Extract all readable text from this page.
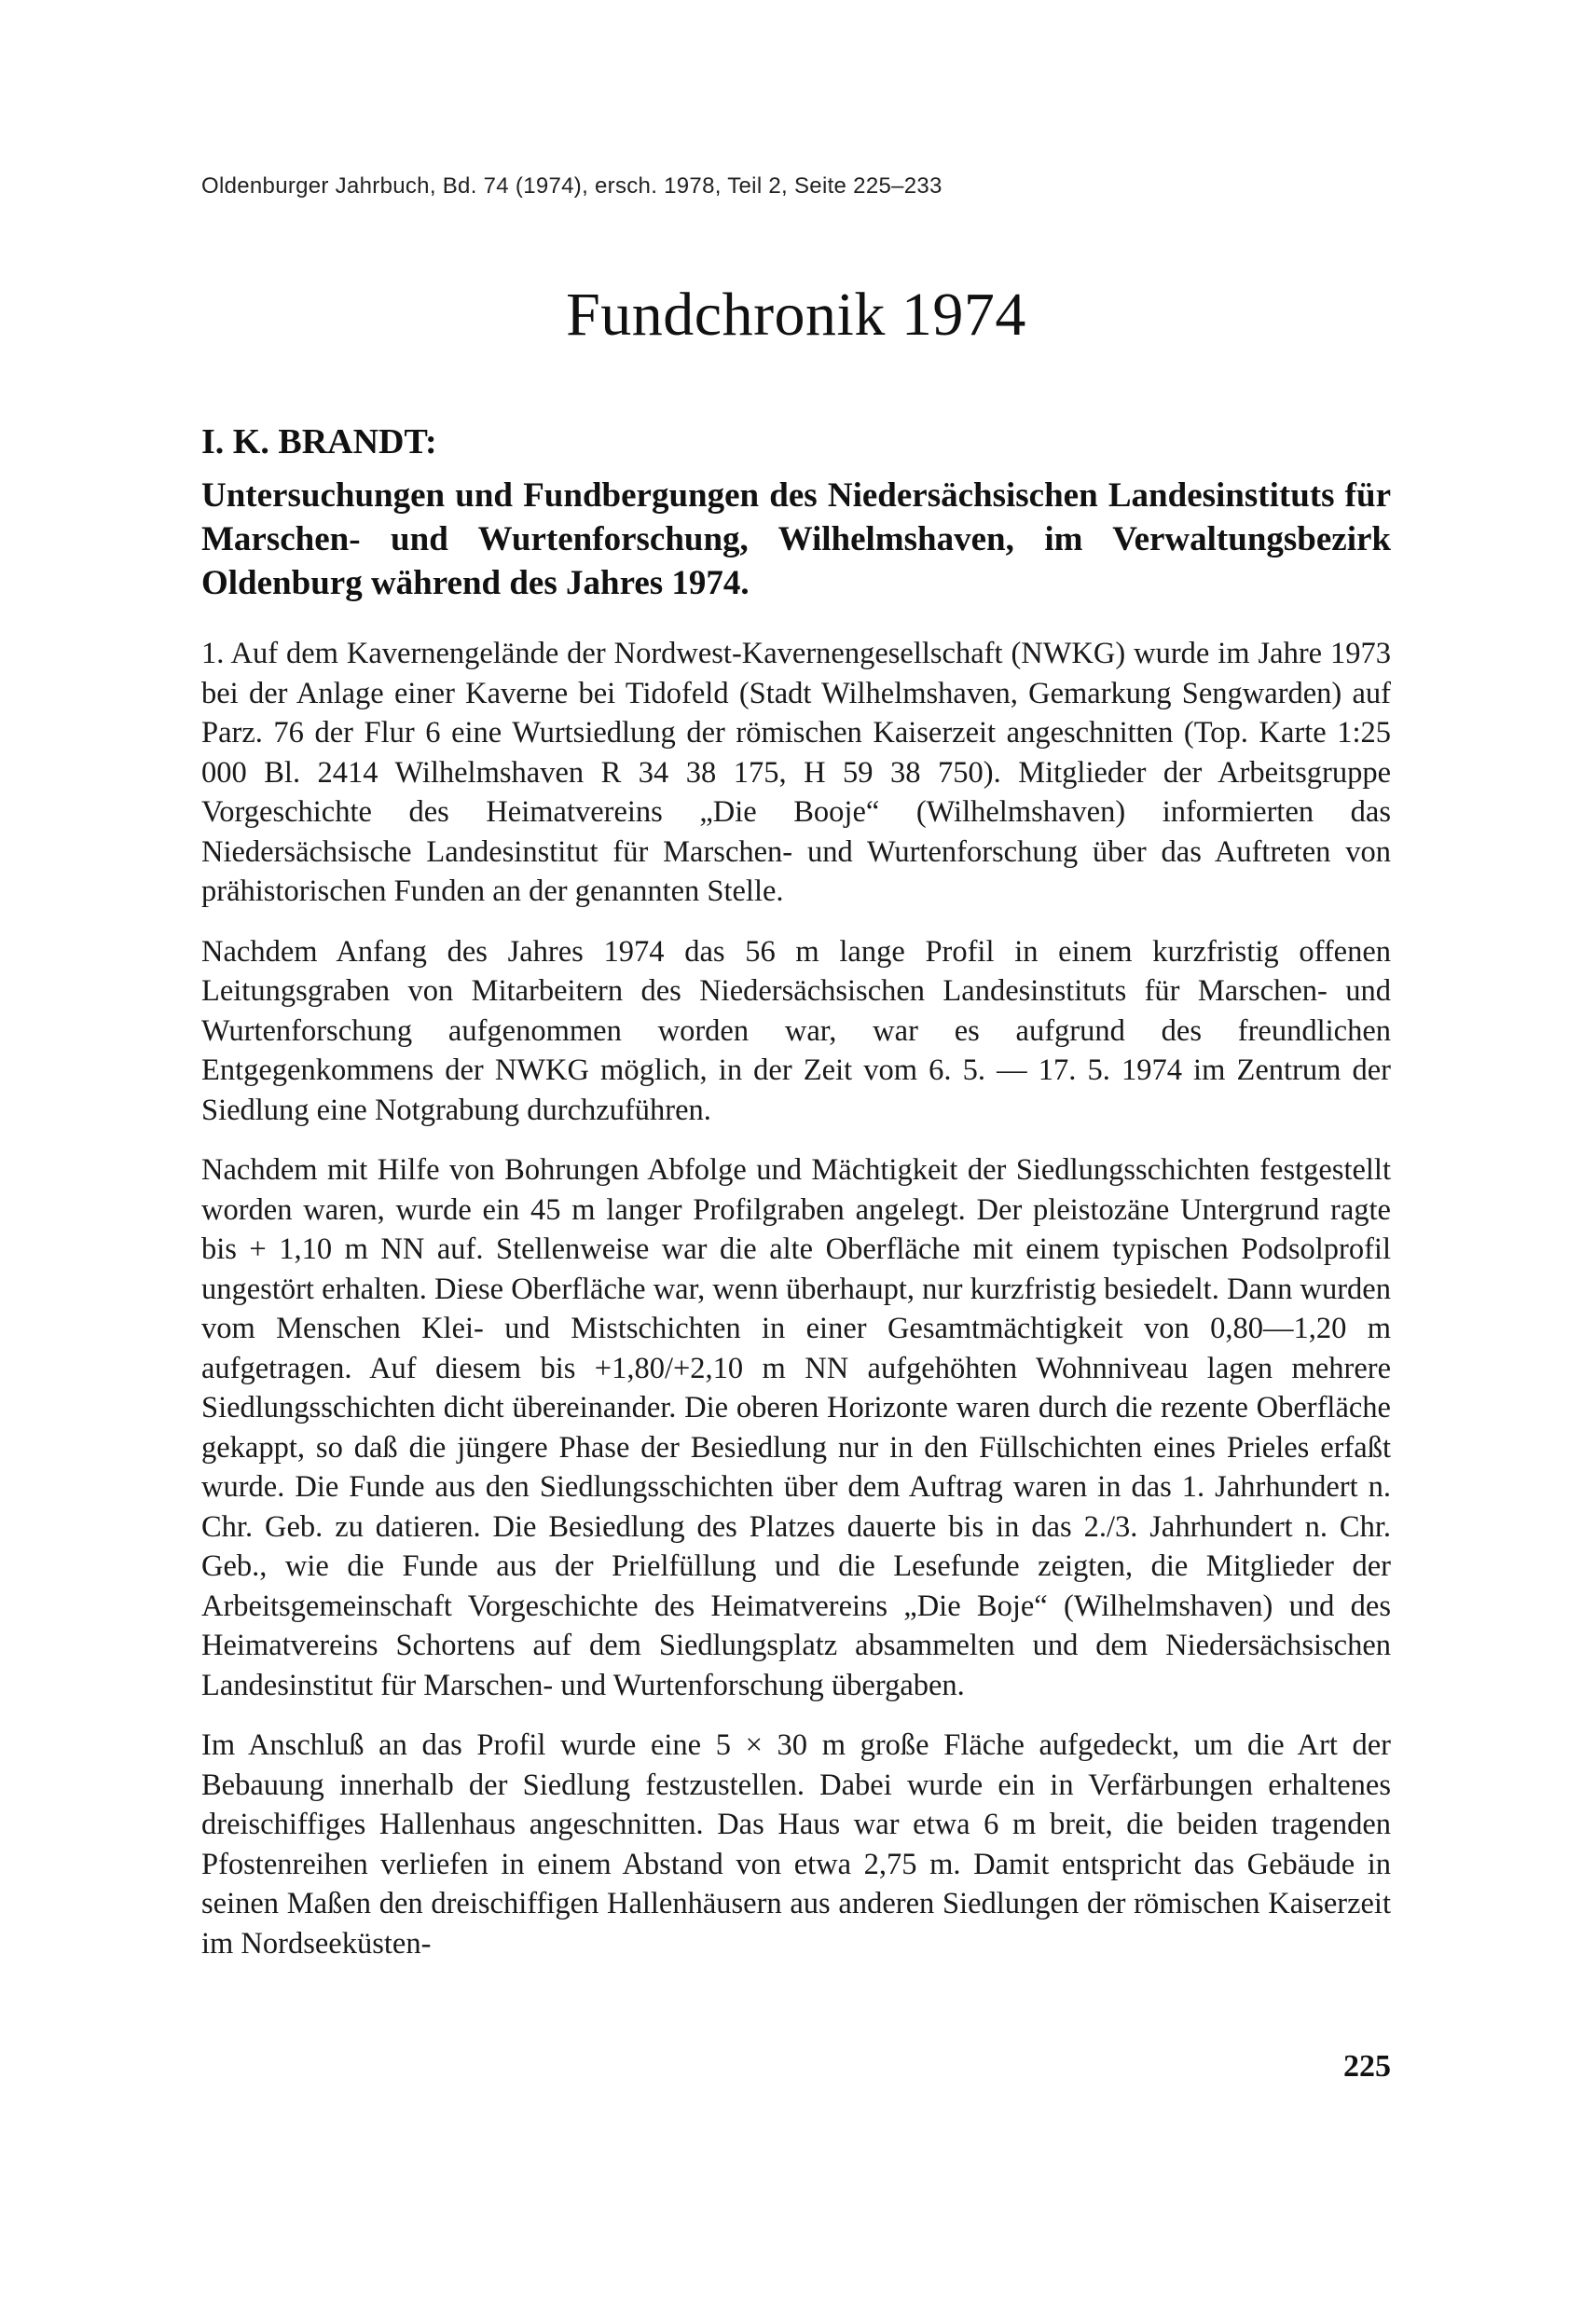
Oldenburger Jahrbuch, Bd. 74 (1974), ersch. 1978, Teil 2, Seite 225–233
Fundchronik 1974
I. K. BRANDT:
Untersuchungen und Fundbergungen des Niedersächsischen Landesinstituts für Marschen- und Wurtenforschung, Wilhelmshaven, im Verwaltungsbezirk Oldenburg während des Jahres 1974.

1. Auf dem Kavernengelände der Nordwest-Kavernengesellschaft (NWKG) wurde im Jahre 1973 bei der Anlage einer Kaverne bei Tidofeld (Stadt Wilhelmshaven, Gemarkung Sengwarden) auf Parz. 76 der Flur 6 eine Wurtsiedlung der römischen Kaiserzeit angeschnitten (Top. Karte 1:25 000 Bl. 2414 Wilhelmshaven R 34 38 175, H 59 38 750). Mitglieder der Arbeitsgruppe Vorgeschichte des Heimatvereins „Die Booje“ (Wilhelmshaven) informierten das Niedersächsische Landesinstitut für Marschen- und Wurtenforschung über das Auftreten von prähistorischen Funden an der genannten Stelle.

Nachdem Anfang des Jahres 1974 das 56 m lange Profil in einem kurzfristig offenen Leitungsgraben von Mitarbeitern des Niedersächsischen Landesinstituts für Marschen- und Wurtenforschung aufgenommen worden war, war es aufgrund des freundlichen Entgegenkommens der NWKG möglich, in der Zeit vom 6. 5. — 17. 5. 1974 im Zentrum der Siedlung eine Notgrabung durchzuführen.

Nachdem mit Hilfe von Bohrungen Abfolge und Mächtigkeit der Siedlungsschichten festgestellt worden waren, wurde ein 45 m langer Profilgraben angelegt. Der pleistozäne Untergrund ragte bis + 1,10 m NN auf. Stellenweise war die alte Oberfläche mit einem typischen Podsolprofil ungestört erhalten. Diese Oberfläche war, wenn überhaupt, nur kurzfristig besiedelt. Dann wurden vom Menschen Klei- und Mistschichten in einer Gesamtmächtigkeit von 0,80—1,20 m aufgetragen. Auf diesem bis +1,80/+2,10 m NN aufgehöhten Wohnniveau lagen mehrere Siedlungsschichten dicht übereinander. Die oberen Horizonte waren durch die rezente Oberfläche gekappt, so daß die jüngere Phase der Besiedlung nur in den Füllschichten eines Prieles erfaßt wurde. Die Funde aus den Siedlungsschichten über dem Auftrag waren in das 1. Jahrhundert n. Chr. Geb. zu datieren. Die Besiedlung des Platzes dauerte bis in das 2./3. Jahrhundert n. Chr. Geb., wie die Funde aus der Prielfüllung und die Lesefunde zeigten, die Mitglieder der Arbeitsgemeinschaft Vorgeschichte des Heimatvereins „Die Boje“ (Wilhelmshaven) und des Heimatvereins Schortens auf dem Siedlungsplatz absammelten und dem Niedersächsischen Landesinstitut für Marschen- und Wurtenforschung übergaben.

Im Anschluß an das Profil wurde eine 5 × 30 m große Fläche aufgedeckt, um die Art der Bebauung innerhalb der Siedlung festzustellen. Dabei wurde ein in Verfärbungen erhaltenes dreischiffiges Hallenhaus angeschnitten. Das Haus war etwa 6 m breit, die beiden tragenden Pfostenreihen verliefen in einem Abstand von etwa 2,75 m. Damit entspricht das Gebäude in seinen Maßen den dreischiffigen Hallenhäusern aus anderen Siedlungen der römischen Kaiserzeit im Nordseeküsten-

225
